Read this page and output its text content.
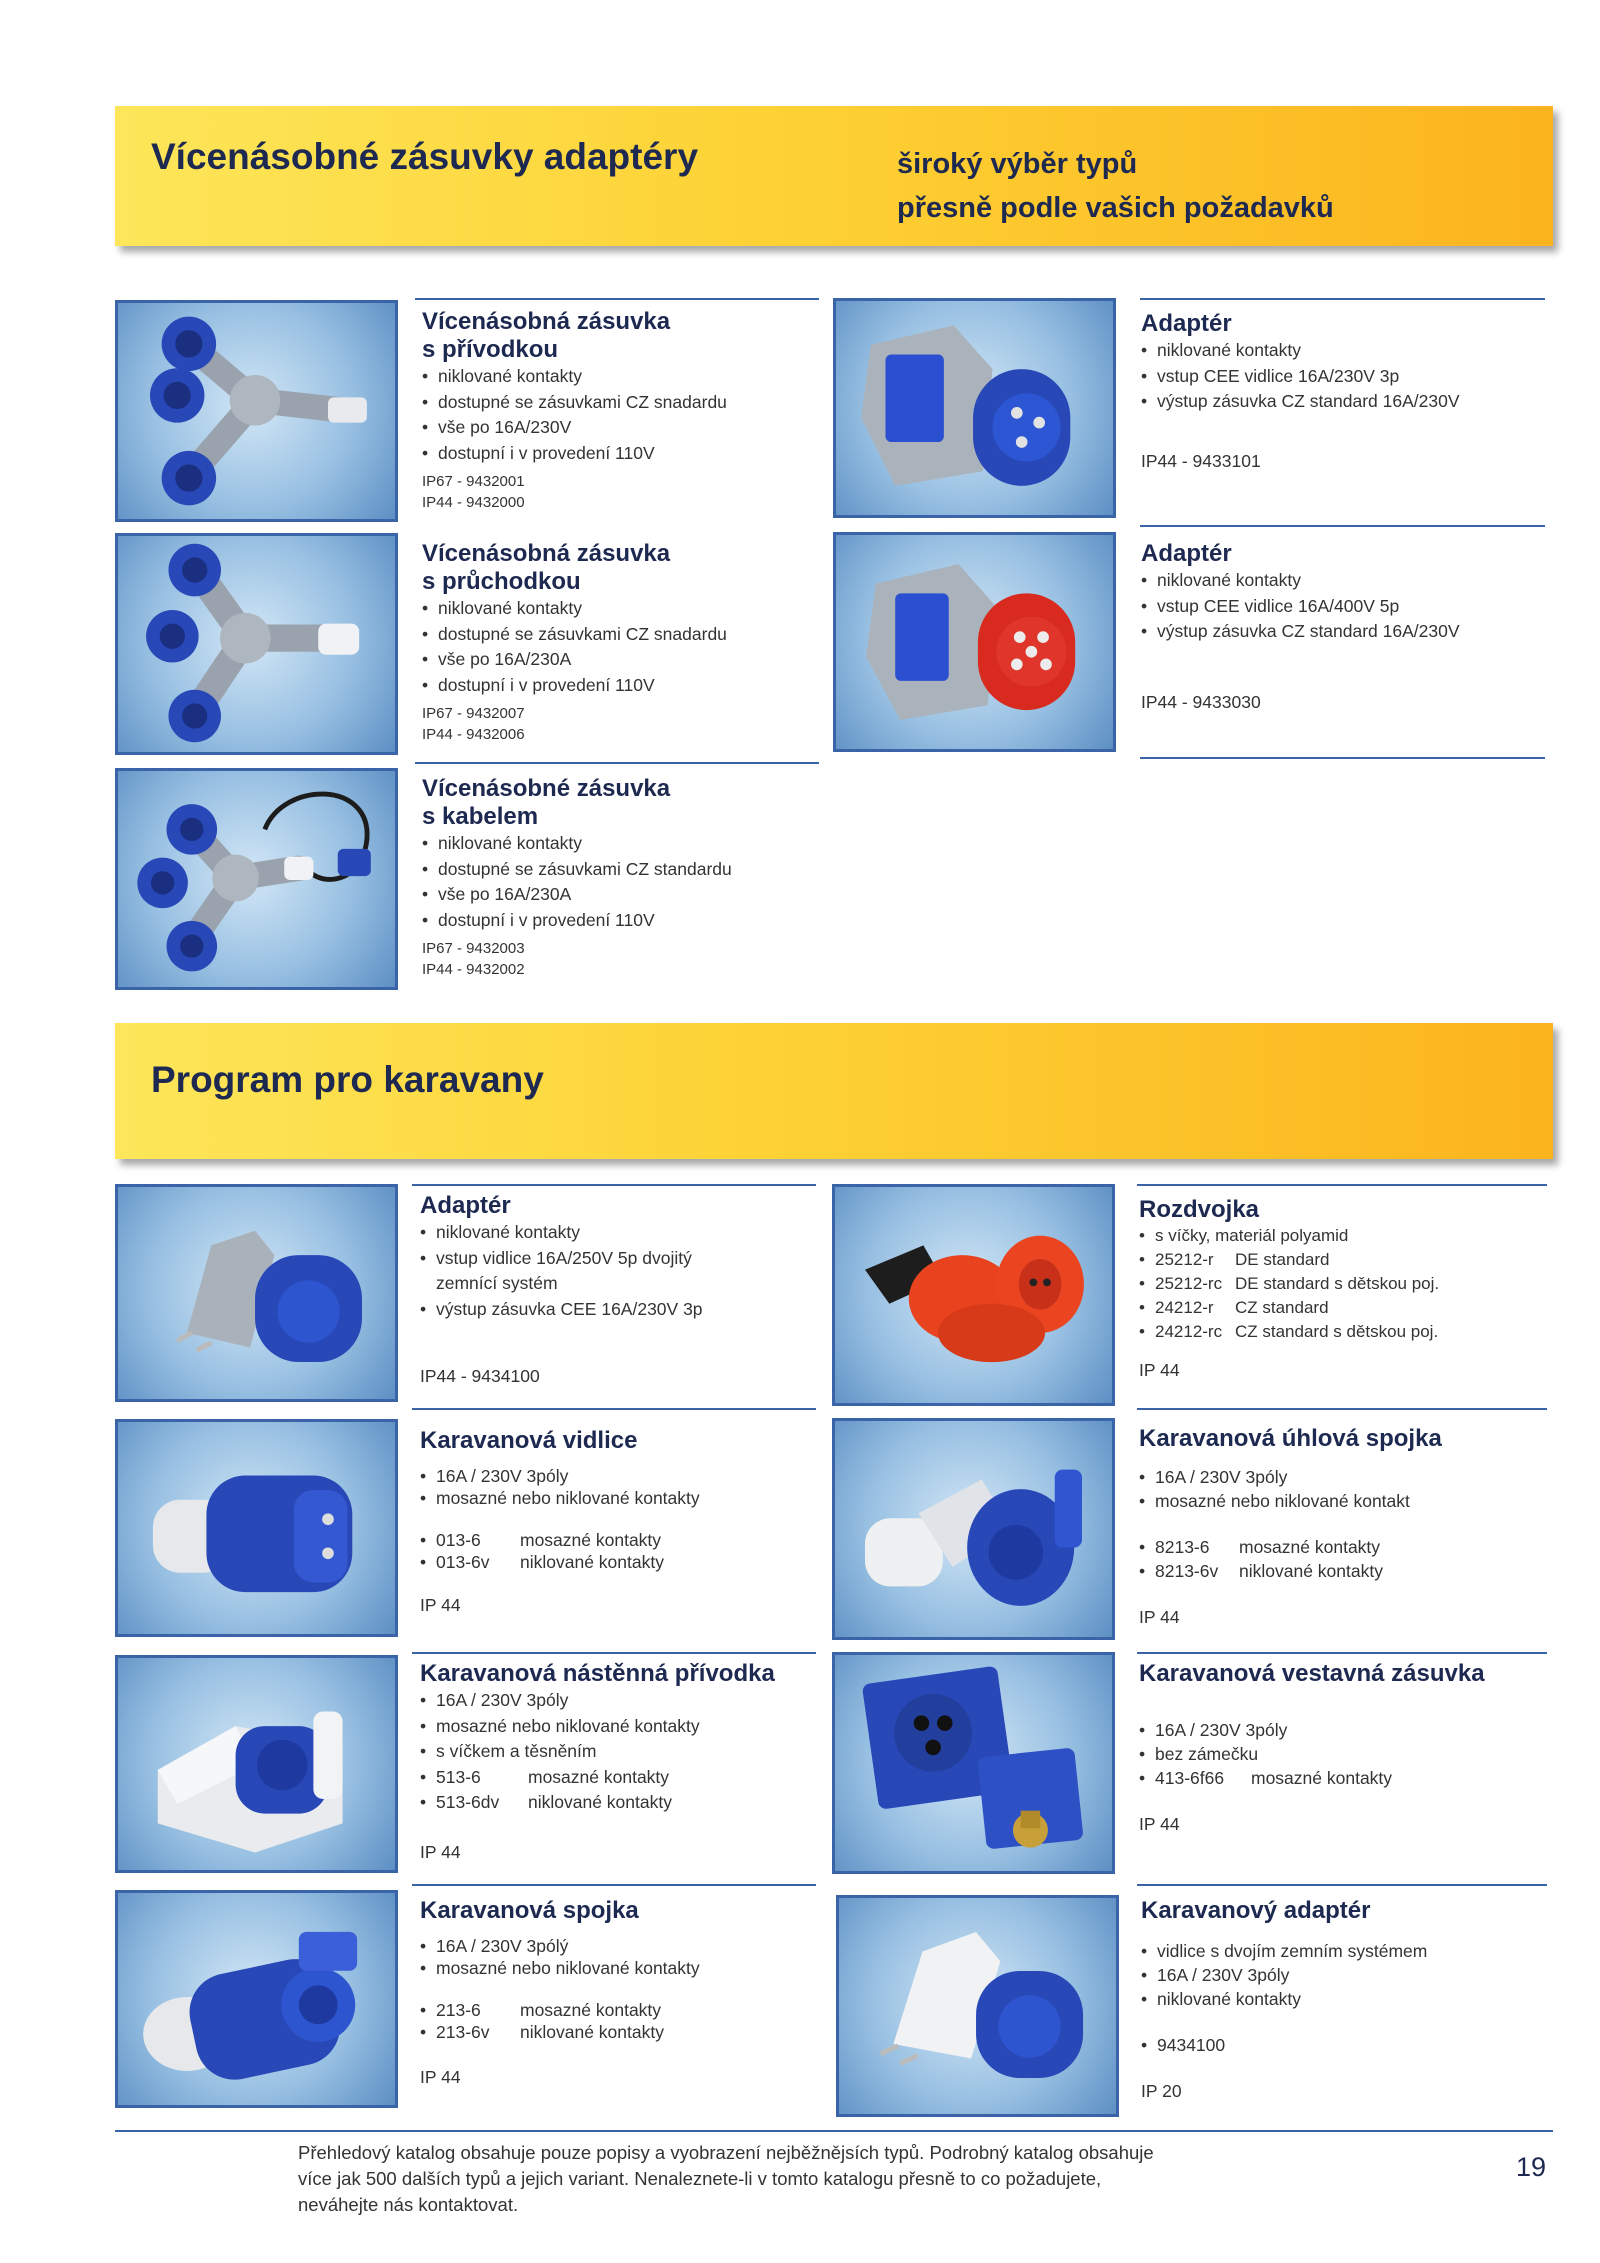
Vícenásobné zásuvky adaptéry	široký výběr typů
přesně podle vašich požadavků
Vícenásobná zásuvka
s přívodkou
• niklované kontakty
• dostupné se zásuvkami CZ snadardu
• vše po 16A/230V
• dostupní i v provedení 110V
IP67 - 9432001
IP44 - 9432000
Vícenásobná zásuvka
s průchodkou
• niklované kontakty
• dostupné se zásuvkami CZ snadardu
• vše po 16A/230A
• dostupní i v provedení 110V
IP67 - 9432007
IP44 - 9432006
Vícenásobné zásuvka
s kabelem
• niklované kontakty
• dostupné se zásuvkami CZ standardu
• vše po 16A/230A
• dostupní i v provedení 110V
IP67 - 9432003
IP44 - 9432002
Adaptér
• niklované kontakty
• vstup CEE vidlice 16A/230V 3p
• výstup zásuvka CZ standard 16A/230V
IP44 - 9433101
Adaptér
• niklované kontakty
• vstup CEE vidlice 16A/400V 5p
• výstup zásuvka CZ standard 16A/230V
IP44 - 9433030
Program pro karavany
Adaptér
• niklované kontakty
• vstup vidlice 16A/250V 5p dvojitý
zemnící systém
• výstup zásuvka CEE 16A/230V 3p
IP44 - 9434100
Rozdvojka
• s víčky, materiál polyamid
• 25212-r DE standard
• 25212-rc DE standard s dětskou poj.
• 24212-r CZ standard
• 24212-rc CZ standard s dětskou poj.
IP 44
Karavanová vidlice
• 16A / 230V 3póly
• mosazné nebo niklované kontakty
• 013-6 mosazné kontakty
• 013-6v niklované kontakty
IP 44
Karavanová úhlová spojka
• 16A / 230V 3póly
• mosazné nebo niklované kontakt
• 8213-6 mosazné kontakty
• 8213-6v niklované kontakty
IP 44
Karavanová nástěnná přívodka
• 16A / 230V 3póly
• mosazné nebo niklované kontakty
• s víčkem a těsněním
• 513-6	mosazné kontakty
• 513-6dv niklované kontakty
IP 44
Karavanová vestavná zásuvka
• 16A / 230V 3póly
• bez zámečku
• 413-6f66 mosazné kontakty
IP 44
Karavanová spojka
• 16A / 230V 3pólý
• mosazné nebo niklované kontakty
• 213-6 mosazné kontakty
• 213-6v niklované kontakty
IP 44
Karavanový adaptér
• vidlice s dvojím zemním systémem
• 16A / 230V 3póly
• niklované kontakty
• 9434100
IP 20
Přehledový katalog obsahuje pouze popisy a vyobrazení nejběžnějsích typů. Podrobný katalog obsahuje
více jak 500 dalších typů a jejich variant. Nenaleznete-li v tomto katalogu přesně to co požadujete,
neváhejte nás kontaktovat.
19
